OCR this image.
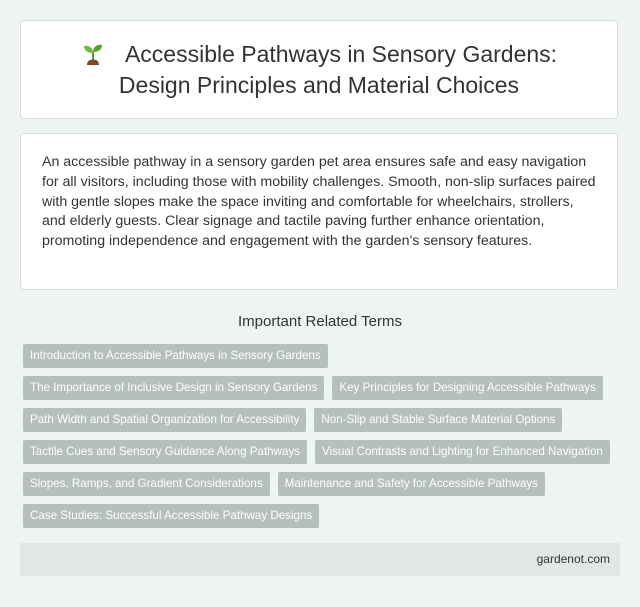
Accessible Pathways in Sensory Gardens: Design Principles and Material Choices

An accessible pathway in a sensory garden pet area ensures safe and easy navigation for all visitors, including those with mobility challenges. Smooth, non-slip surfaces paired with gentle slopes make the space inviting and comfortable for wheelchairs, strollers, and elderly guests. Clear signage and tactile paving further enhance orientation, promoting independence and engagement with the garden's sensory features.

Important Related Terms
Introduction to Accessible Pathways in Sensory Gardens
The Importance of Inclusive Design in Sensory Gardens	Key Principles for Designing Accessible Pathways
Path Width and Spatial Organization for Accessibility	Non-Slip and Stable Surface Material Options
Tactile Cues and Sensory Guidance Along Pathways	Visual Contrasts and Lighting for Enhanced Navigation
Slopes, Ramps, and Gradient Considerations	Maintenance and Safety for Accessible Pathways
Case Studies: Successful Accessible Pathway Designs
gardenot.com
